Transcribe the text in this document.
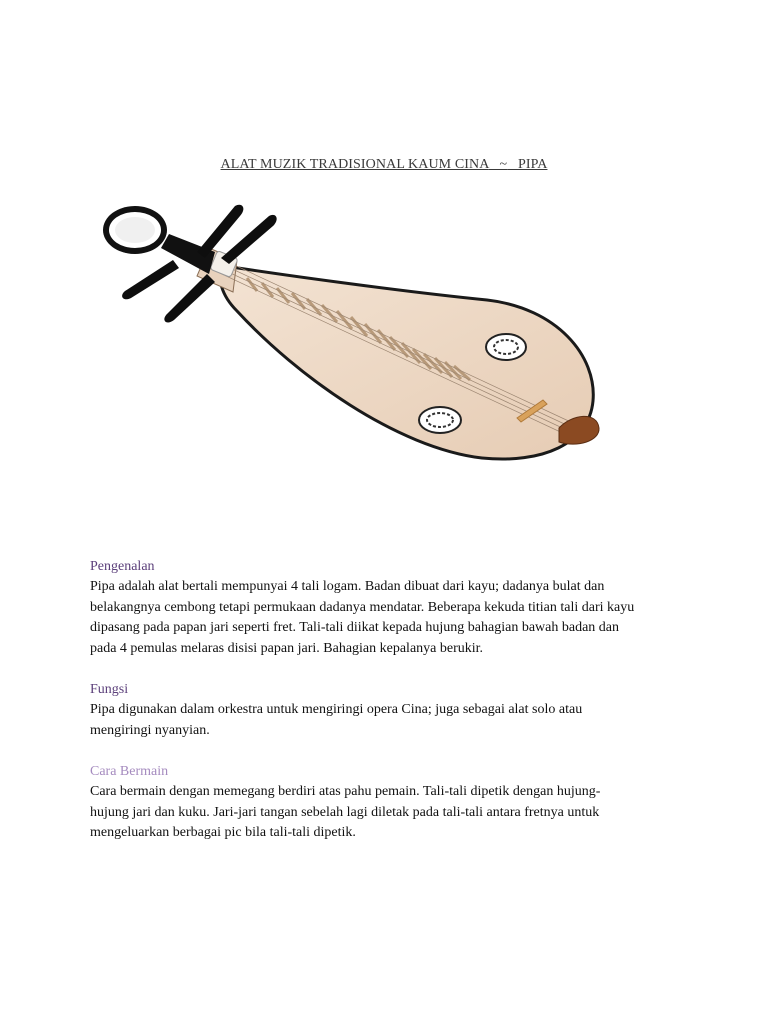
ALAT MUZIK TRADISIONAL KAUM CINA ~ PIPA
Pengenalan
Pipa adalah alat bertali mempunyai 4 tali logam. Badan dibuat dari kayu; dadanya bulat dan
belakangnya cembong tetapi permukaan dadanya mendatar. Beberapa kekuda titian tali dari kayu
dipasang pada papan jari seperti fret. Tali-tali diikat kepada hujung bahagian bawah badan dan
pada 4 pemulas melaras disisi papan jari. Bahagian kepalanya berukir.
Fungsi
Pipa digunakan dalam orkestra untuk mengiringi opera Cina; juga sebagai alat solo atau
mengiringi nyanyian.
Cara Bermain
Cara bermain dengan memegang berdiri atas pahu pemain. Tali-tali dipetik dengan hujung-
hujung jari dan kuku. Jari-jari tangan sebelah lagi diletak pada tali-tali antara fretnya untuk
mengeluarkan berbagai pic bila tali-tali dipetik.
